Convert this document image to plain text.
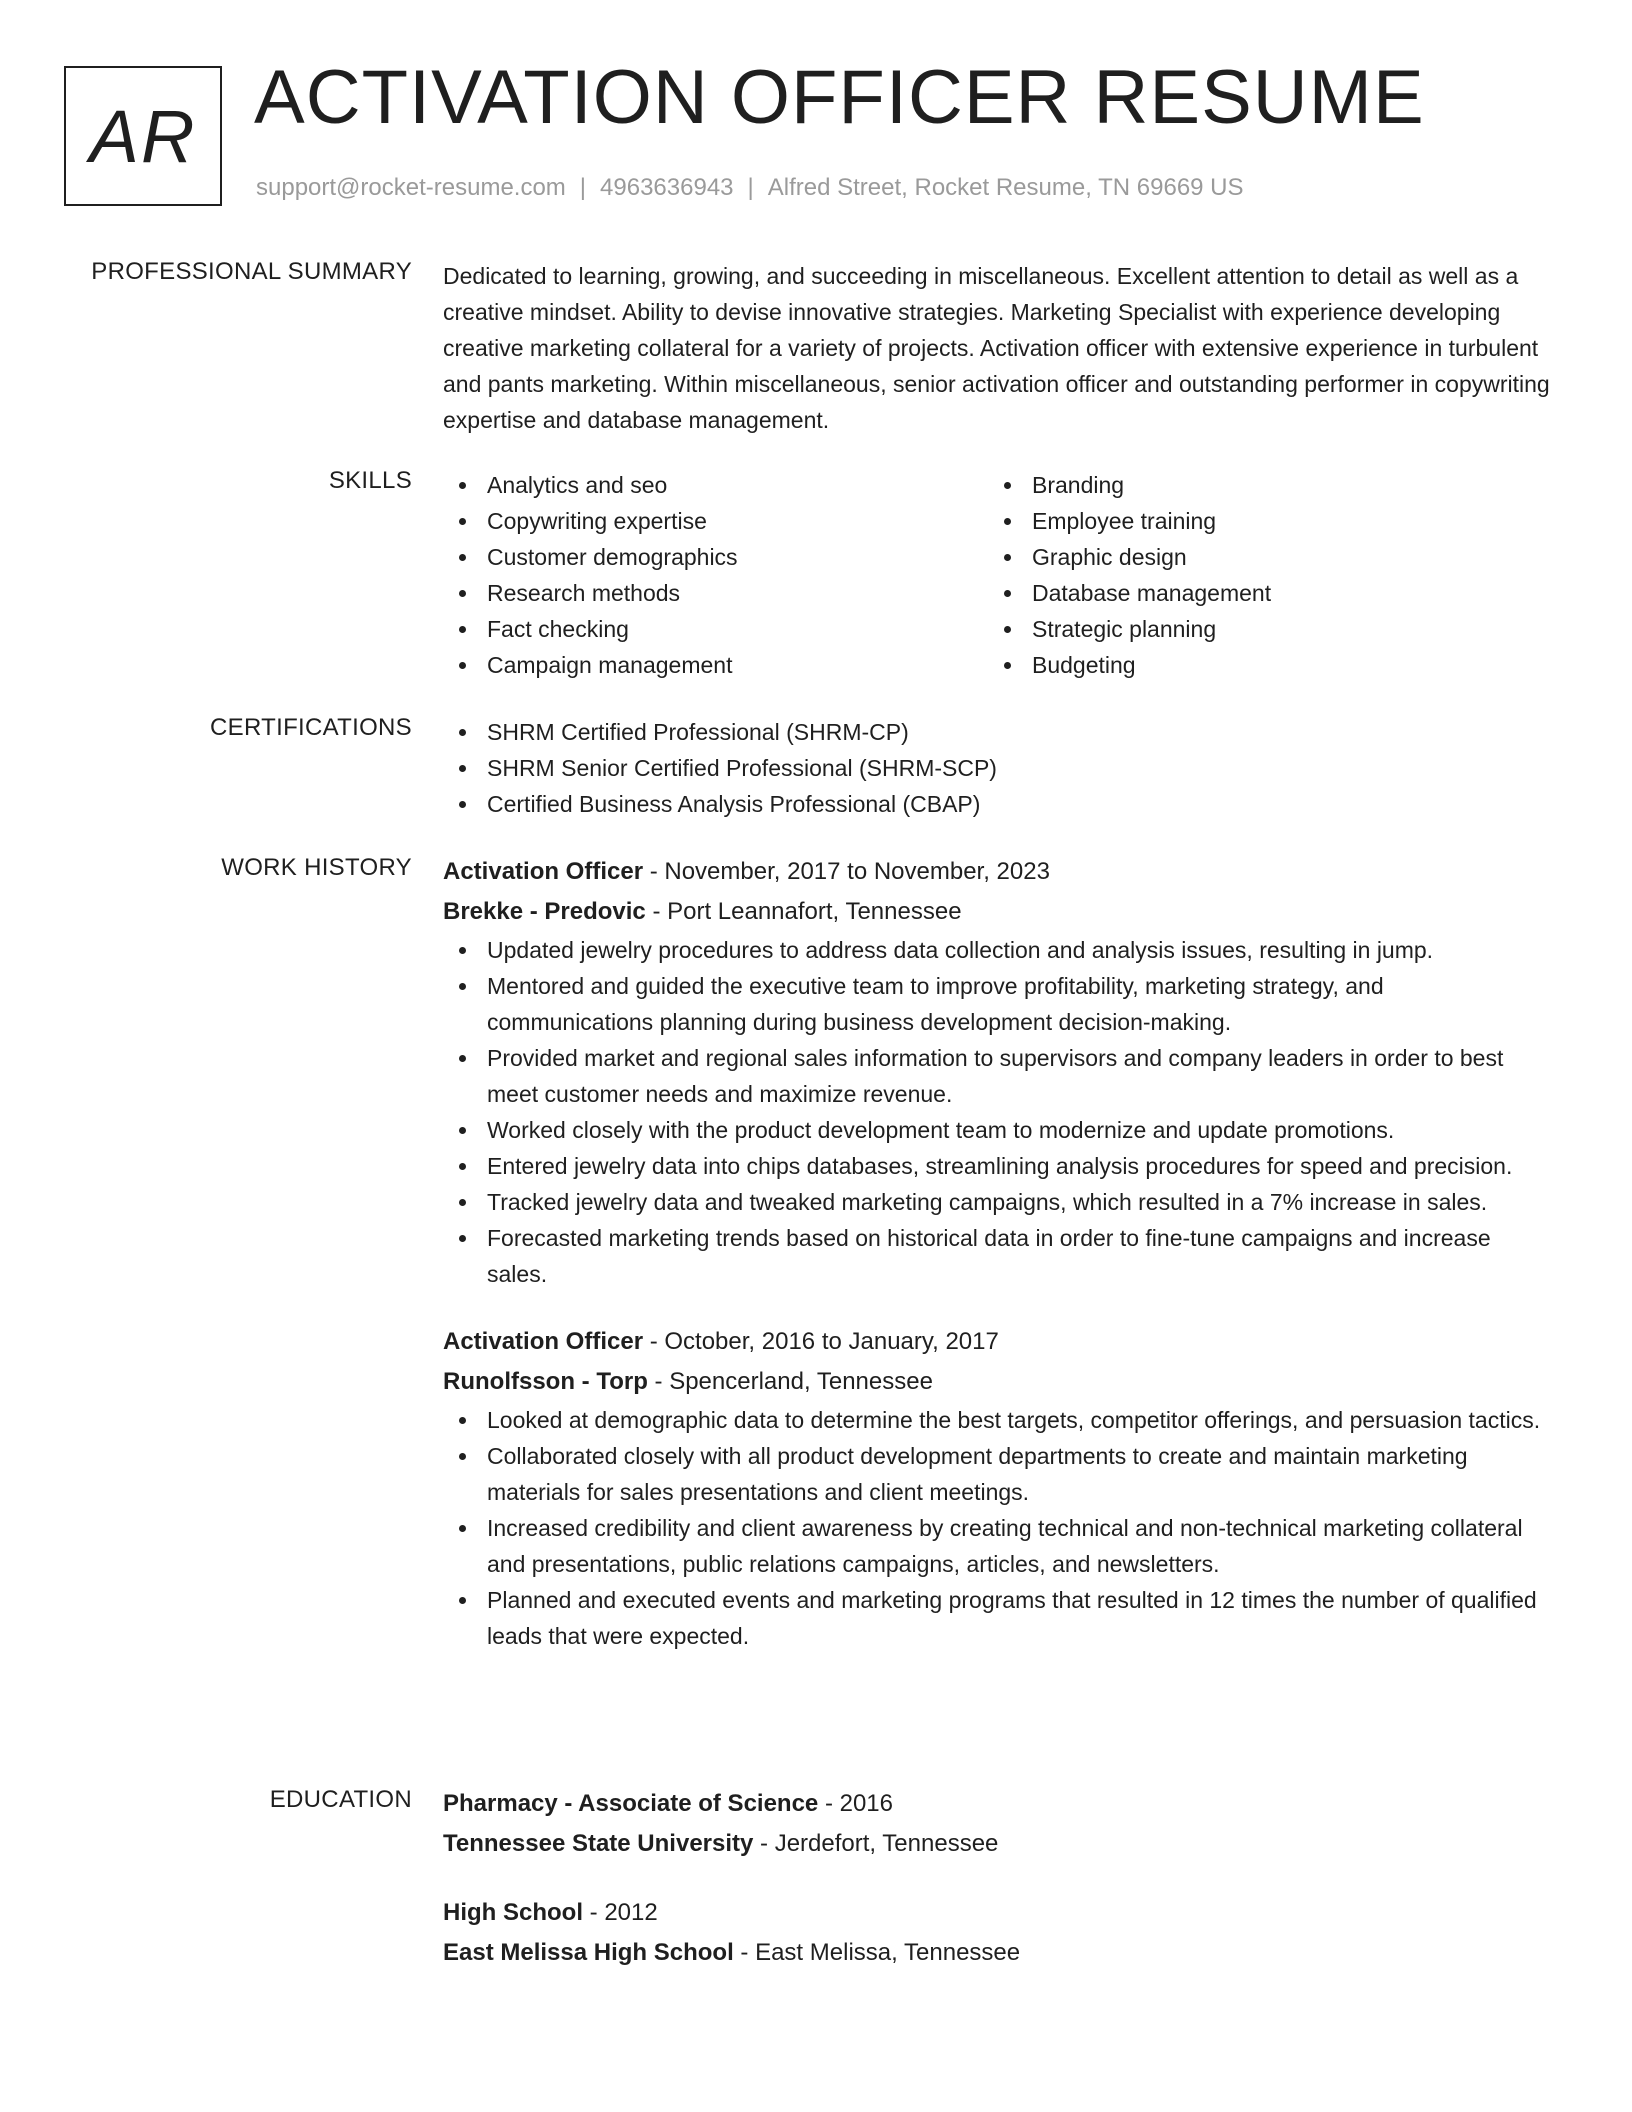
AR ACTIVATION OFFICER RESUME
support@rocket-resume.com | 4963636943 | Alfred Street, Rocket Resume, TN 69669 US
PROFESSIONAL SUMMARY Dedicated to learning, growing, and succeeding in miscellaneous. Excellent attention to detail as well as a creative mindset. Ability to devise innovative strategies. Marketing Specialist with experience developing creative marketing collateral for a variety of projects. Activation officer with extensive experience in turbulent and pants marketing. Within miscellaneous, senior activation officer and outstanding performer in copywriting expertise and database management.

SKILLS	Analytics and seo
Copywriting expertise
Customer demographics
Research methods
Fact checking
Campaign management
Branding
Employee training
Graphic design
Database management
Strategic planning
Budgeting
CERTIFICATIONS	SHRM Certified Professional (SHRM-CP)
SHRM Senior Certified Professional (SHRM-SCP)
Certified Business Analysis Professional (CBAP)
WORK HISTORY Activation Officer - November, 2017 to November, 2023
Brekke - Predovic - Port Leannafort, Tennessee
Updated jewelry procedures to address data collection and analysis issues, resulting in jump.
Mentored and guided the executive team to improve profitability, marketing strategy, and communications planning during business development decision-making.
Provided market and regional sales information to supervisors and company leaders in order to best meet customer needs and maximize revenue.
Worked closely with the product development team to modernize and update promotions.
Entered jewelry data into chips databases, streamlining analysis procedures for speed and precision.
Tracked jewelry data and tweaked marketing campaigns, which resulted in a 7% increase in sales.
Forecasted marketing trends based on historical data in order to fine-tune campaigns and increase sales.
Activation Officer - October, 2016 to January, 2017
Runolfsson - Torp - Spencerland, Tennessee
Looked at demographic data to determine the best targets, competitor offerings, and persuasion tactics.
Collaborated closely with all product development departments to create and maintain marketing materials for sales presentations and client meetings.
Increased credibility and client awareness by creating technical and non-technical marketing collateral and presentations, public relations campaigns, articles, and newsletters.
Planned and executed events and marketing programs that resulted in 12 times the number of qualified leads that were expected.
EDUCATION Pharmacy - Associate of Science - 2016
Tennessee State University - Jerdefort, Tennessee
High School - 2012
East Melissa High School - East Melissa, Tennessee
